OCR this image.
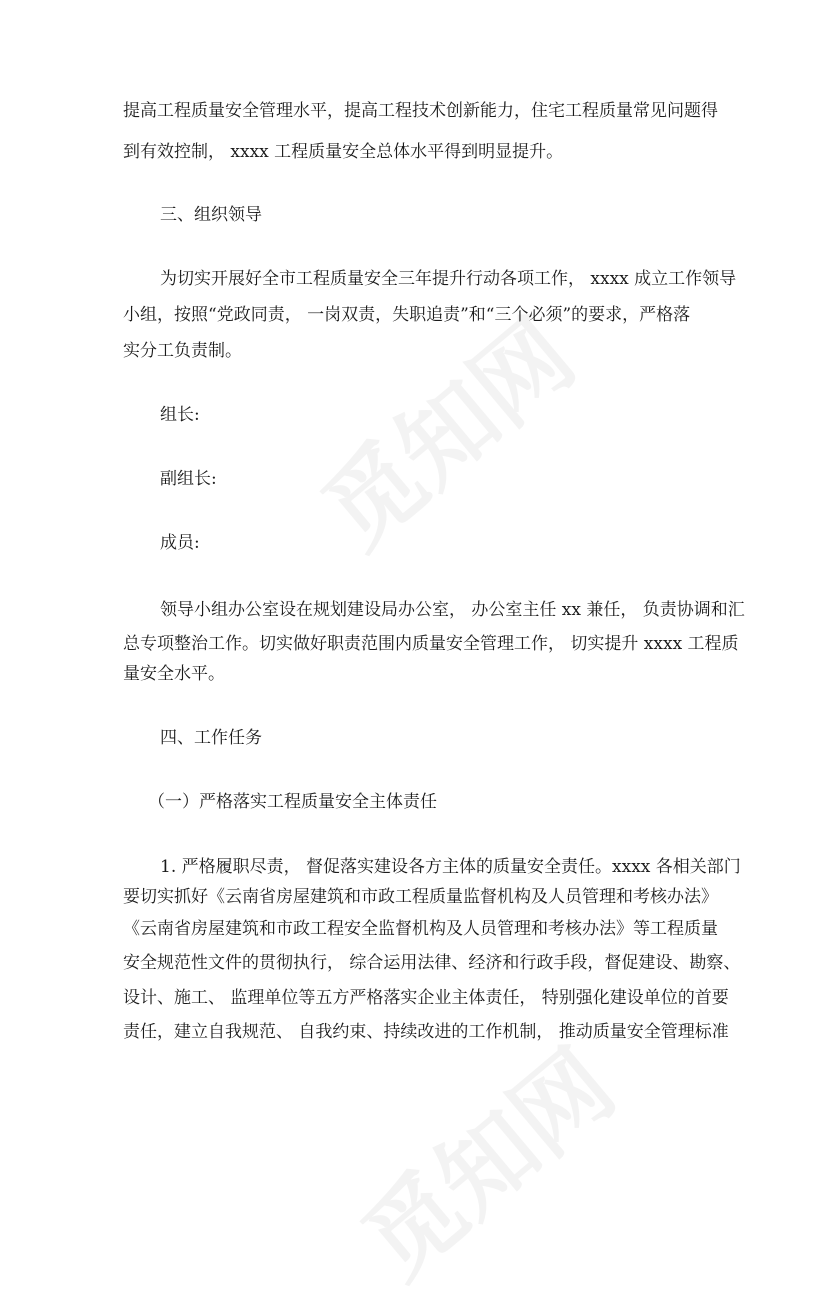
提高工程质量安全管理水平，提高工程技术创新能力，住宅工程质量常见问题得
到有效控制， xxxx 工程质量安全总体水平得到明显提升。
三、组织领导
为切实开展好全市工程质量安全三年提升行动各项工作， xxxx 成立工作领导
小组，按照“党政同责， 一岗双责，失职追责”和“三个必须”的要求，严格落
实分工负责制。
组长:
副组长:
成员:
领导小组办公室设在规划建设局办公室， 办公室主任 xx 兼任， 负责协调和汇
总专项整治工作。切实做好职责范围内质量安全管理工作， 切实提升 xxxx 工程质
量安全水平。
四、工作任务
（一）严格落实工程质量安全主体责任
1. 严格履职尽责， 督促落实建设各方主体的质量安全责任。xxxx 各相关部门
要切实抓好《云南省房屋建筑和市政工程质量监督机构及人员管理和考核办法》
《云南省房屋建筑和市政工程安全监督机构及人员管理和考核办法》等工程质量
安全规范性文件的贯彻执行， 综合运用法律、经济和行政手段，督促建设、勘察、
设计、施工、 监理单位等五方严格落实企业主体责任， 特别强化建设单位的首要
责任，建立自我规范、 自我约束、持续改进的工作机制， 推动质量安全管理标准
